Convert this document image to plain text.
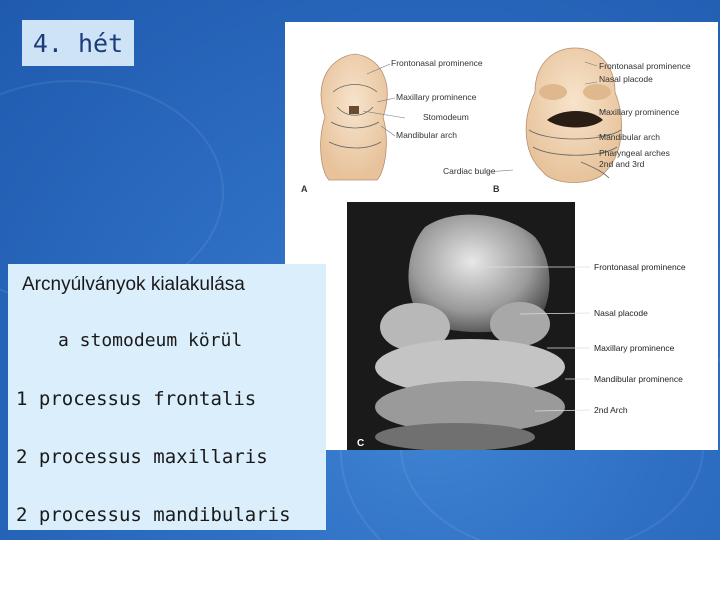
4. hét
Frontonasal prominence
Maxillary prominence
Stomodeum
Mandibular arch
Cardiac bulge
A
Frontonasal prominence
Nasal placode
Maxillary prominence
Mandibular arch
Pharyngeal arches
2nd and 3rd
B
C
Frontonasal prominence
Nasal placode
Maxillary prominence
Mandibular prominence
2nd Arch
Arcnyúlványok kialakulása
a stomodeum körül
1 processus frontalis
2 processus maxillaris
2 processus mandibularis
